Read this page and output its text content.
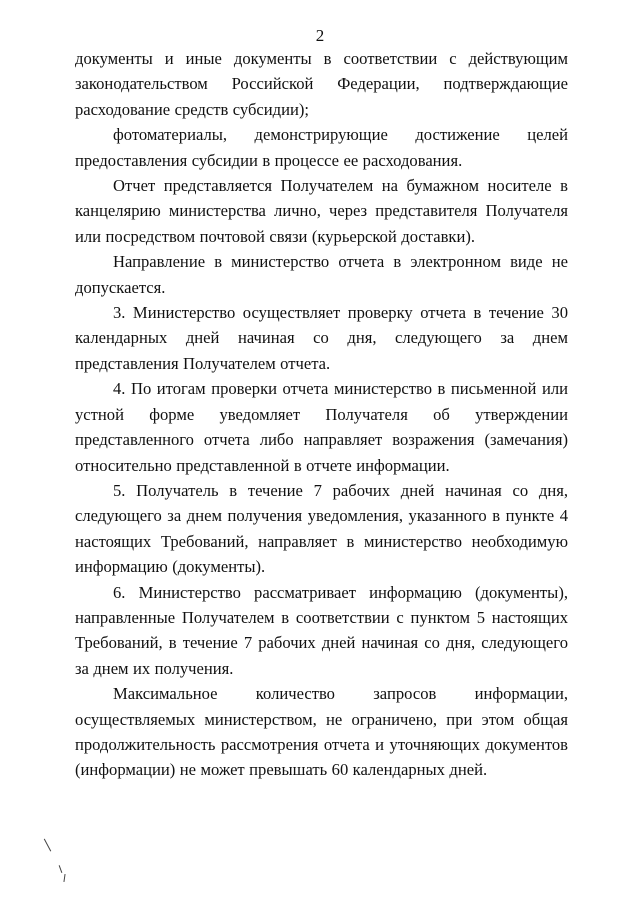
2

документы и иные документы в соответствии с действующим законодательством Российской Федерации, подтверждающие расходование средств субсидии);

фотоматериалы, демонстрирующие достижение целей предоставления субсидии в процессе ее расходования.

Отчет представляется Получателем на бумажном носителе в канцелярию министерства лично, через представителя Получателя или посредством почтовой связи (курьерской доставки).

Направление в министерство отчета в электронном виде не допускается.

3. Министерство осуществляет проверку отчета в течение 30 календарных дней начиная со дня, следующего за днем представления Получателем отчета.

4. По итогам проверки отчета министерство в письменной или устной форме уведомляет Получателя об утверждении представленного отчета либо направляет возражения (замечания) относительно представленной в отчете информации.

5. Получатель в течение 7 рабочих дней начиная со дня, следующего за днем получения уведомления, указанного в пункте 4 настоящих Требований, направляет в министерство необходимую информацию (документы).

6. Министерство рассматривает информацию (документы), направленные Получателем в соответствии с пунктом 5 настоящих Требований, в течение 7 рабочих дней начиная со дня, следующего за днем их получения.

Максимальное количество запросов информации, осуществляемых министерством, не ограничено, при этом общая продолжительность рассмотрения отчета и уточняющих документов (информации) не может превышать 60 календарных дней.
